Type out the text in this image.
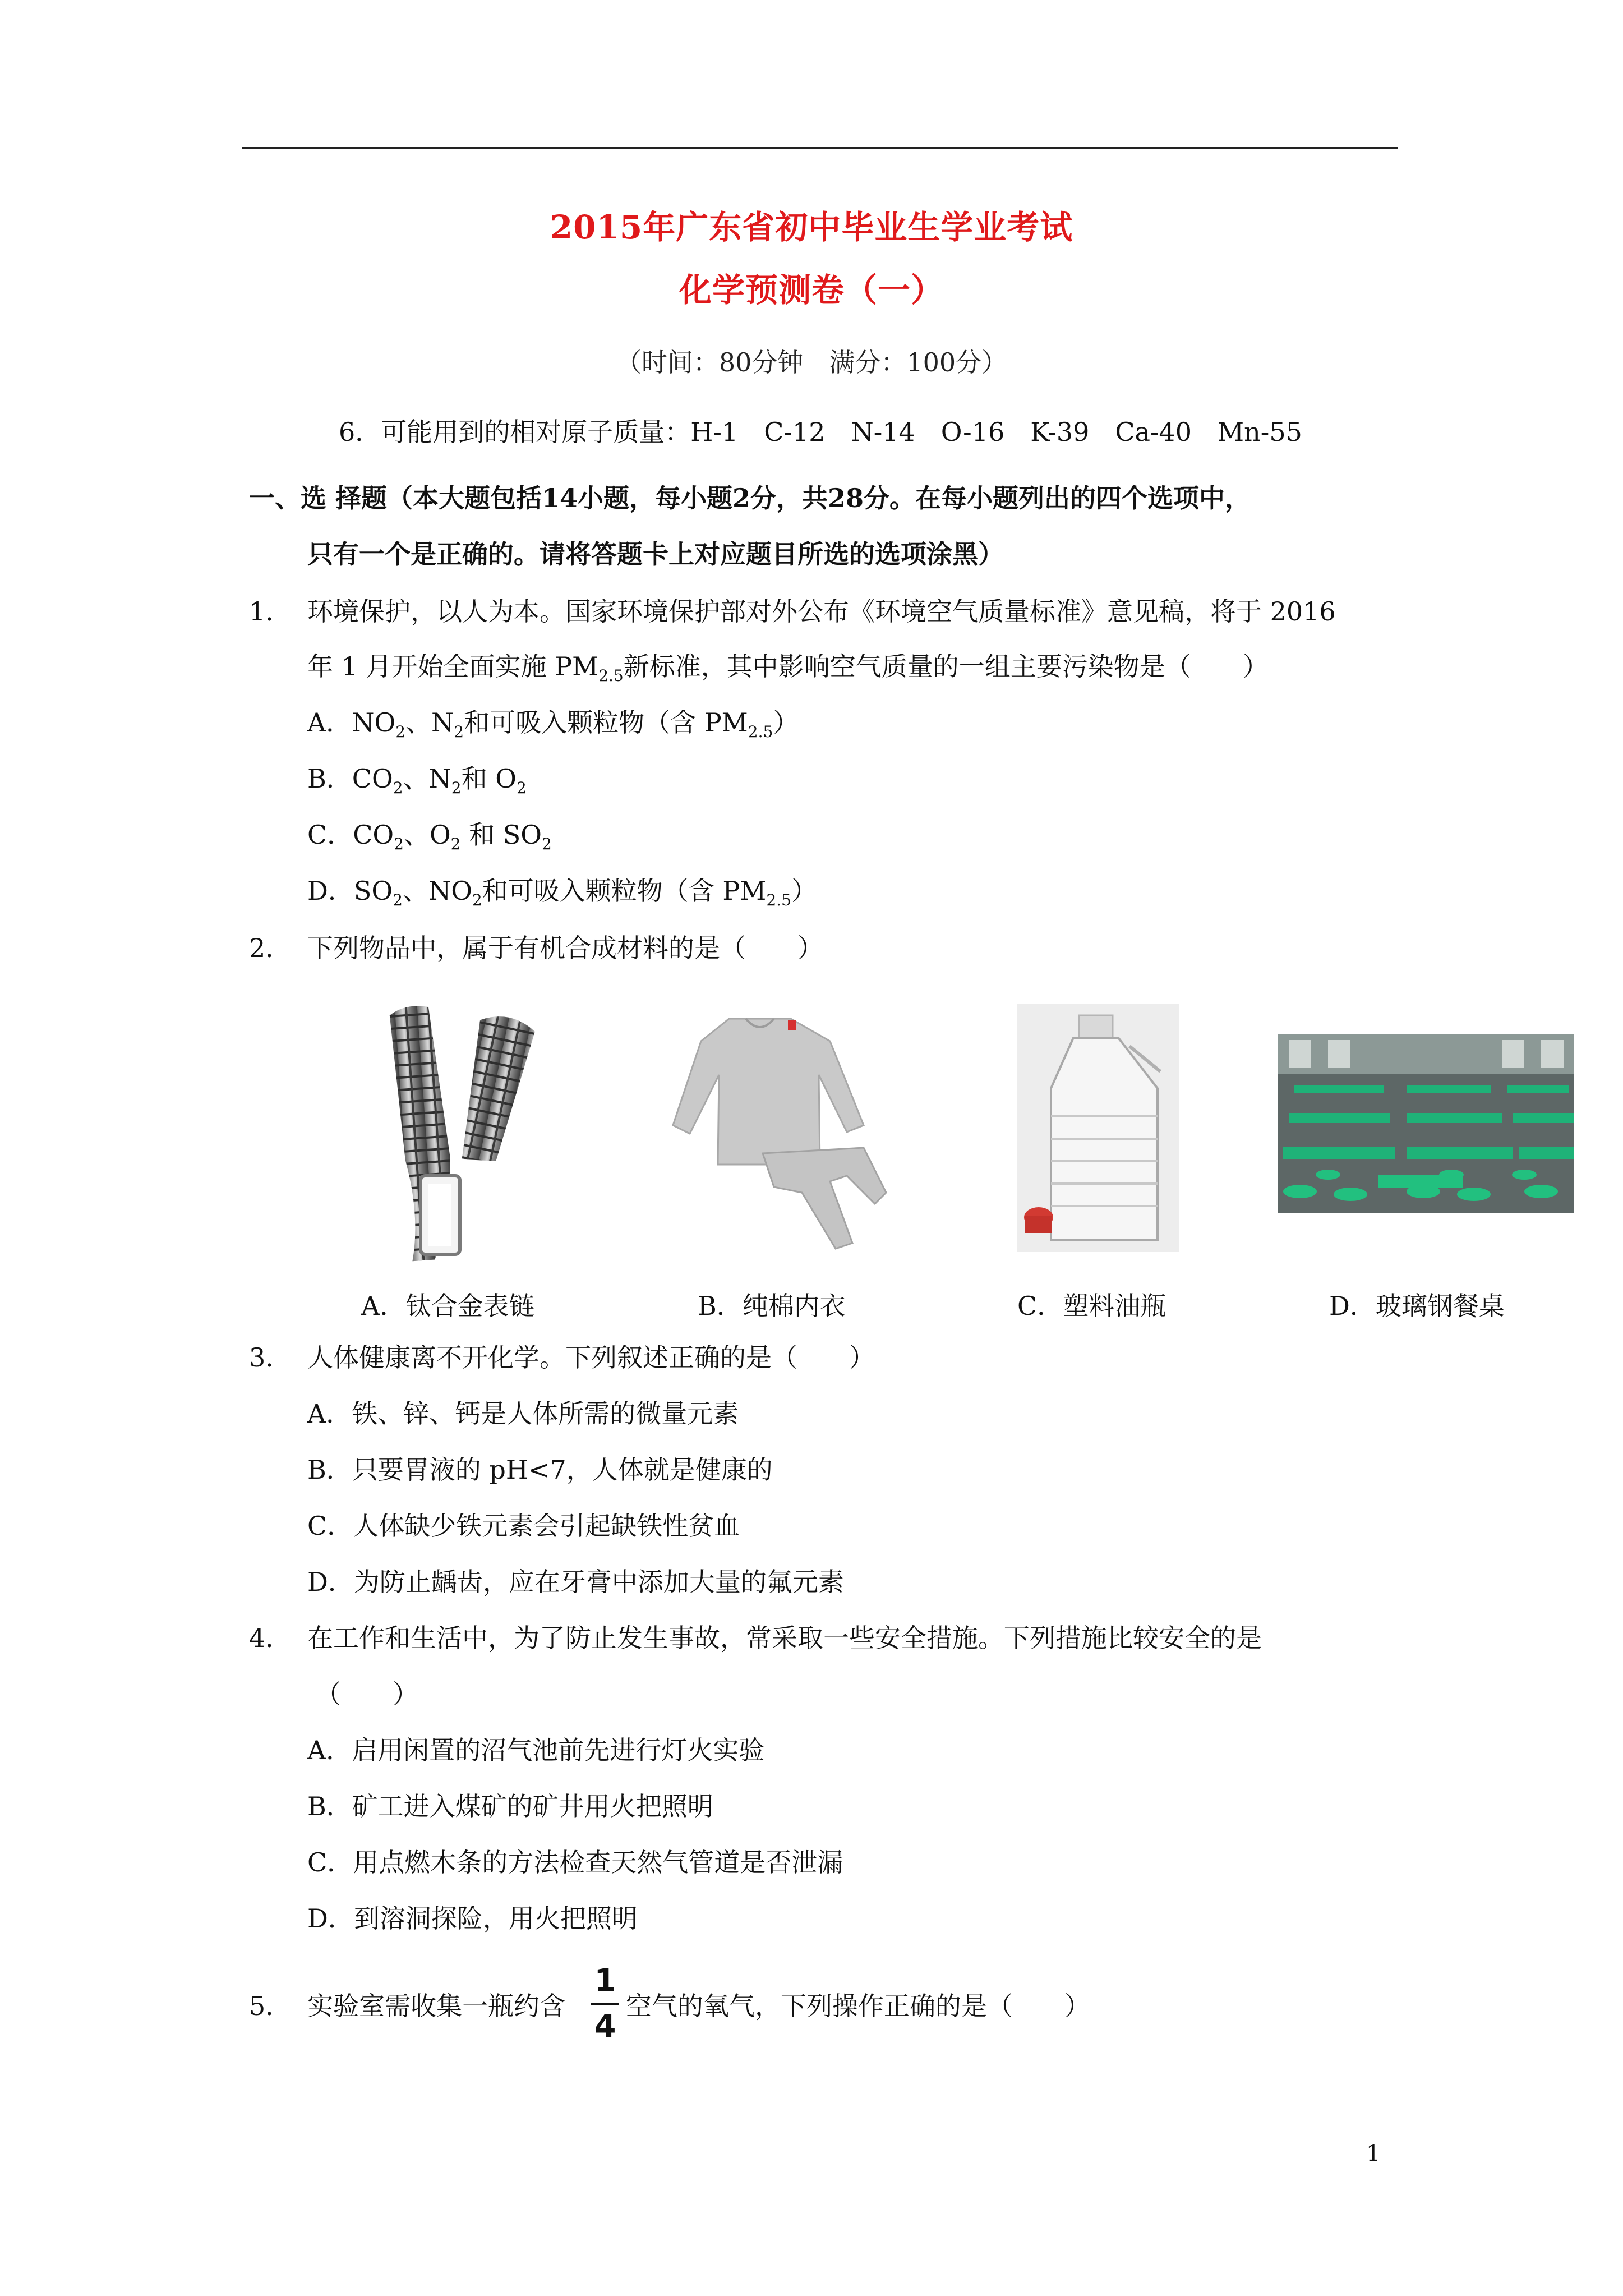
2015年广东省初中毕业生学业考试
化学预测卷（一）
（时间：80分钟　满分：100分）
6．可能用到的相对原子质量：H-1　C-12　N-14　O-16　K-39　Ca-40　Mn-55
一、选 择题（本大题包括14小题，每小题2分，共28分。在每小题列出的四个选项中，
只有一个是正确的。请将答题卡上对应题目所选的选项涂黑）
1． 环境保护，以人为本。国家环境保护部对外公布《环境空气质量标准》意见稿，将于 2016
年 1 月开始全面实施 $PM_{2.5}$新标准，其中影响空气质量的一组主要污染物是（　　）
A．$NO_2$、$N_2$和可吸入颗粒物（含 $PM_{2.5}$）
B．$CO_2$、$N_2$和 $O_2$
C．$CO_2$、$O_2$ 和 $SO_2$
D．$SO_2$、$NO_2$和可吸入颗粒物（含 $PM_{2.5}$）
2． 下列物品中，属于有机合成材料的是（　　）
A．钛合金表链	B．纯棉内衣	C．塑料油瓶	D．玻璃钢餐桌
3． 人体健康离不开化学。下列叙述正确的是（　　）
A．铁、锌、钙是人体所需的微量元素
B．只要胃液的 pH<7，人体就是健康的
C．人体缺少铁元素会引起缺铁性贫血
D．为防止龋齿，应在牙膏中添加大量的氟元素
4． 在工作和生活中，为了防止发生事故，常采取一些安全措施。下列措施比较安全的是
（　　）
A．启用闲置的沼气池前先进行灯火实验
B．矿工进入煤矿的矿井用火把照明
C．用点燃木条的方法检查天然气管道是否泄漏
D．到溶洞探险，用火把照明
5． 实验室需收集一瓶约含
1
4
空气的氧气，下列操作正确的是（　　）
1
